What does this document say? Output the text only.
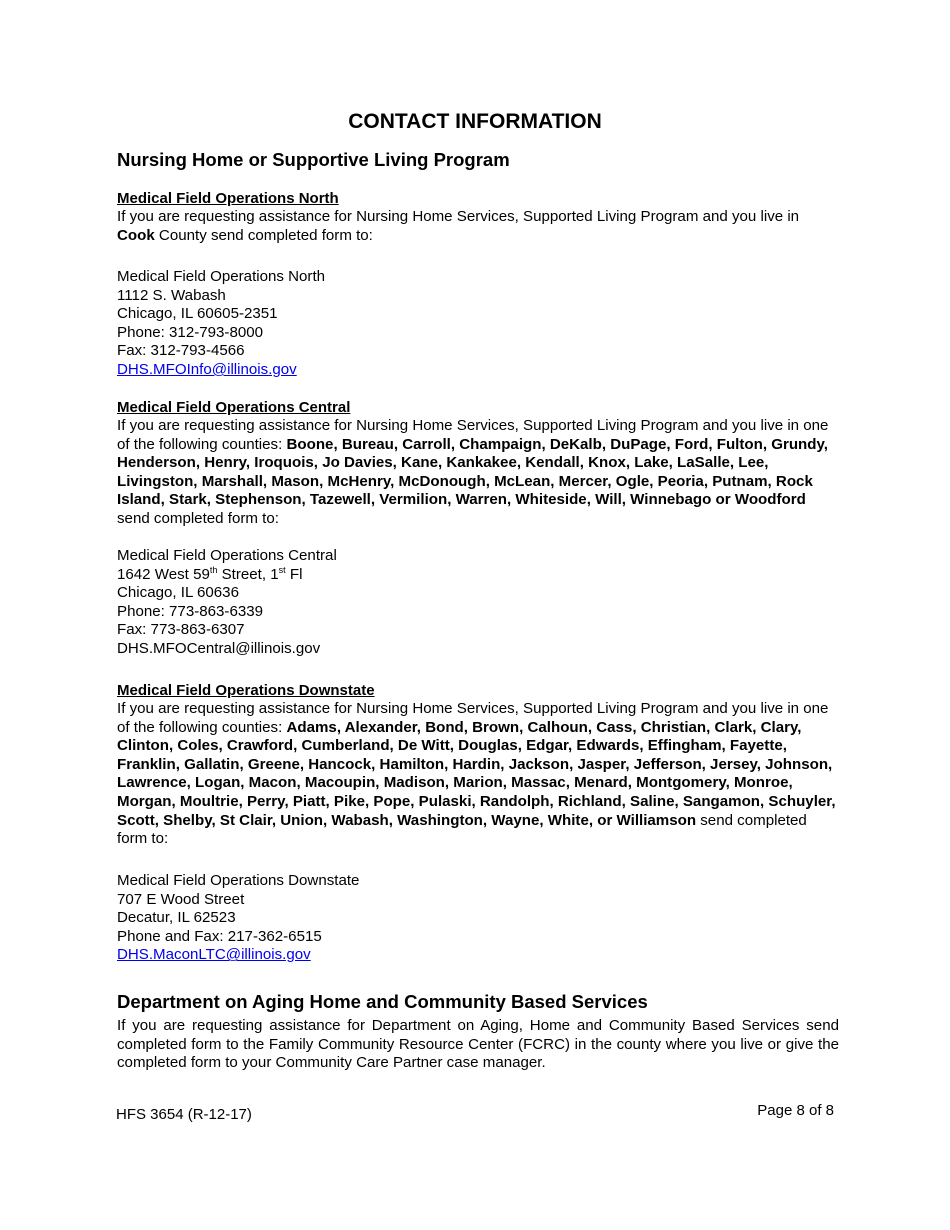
CONTACT INFORMATION
Nursing Home or Supportive Living Program
Medical Field Operations North
If you are requesting assistance for Nursing Home Services, Supported Living Program and you live in Cook County send completed form to:
Medical Field Operations North
1112 S. Wabash
Chicago, IL 60605-2351
Phone: 312-793-8000
Fax: 312-793-4566
DHS.MFOInfo@illinois.gov
Medical Field Operations Central
If you are requesting assistance for Nursing Home Services, Supported Living Program and you live in one of the following counties: Boone, Bureau, Carroll, Champaign, DeKalb, DuPage, Ford, Fulton, Grundy, Henderson, Henry, Iroquois, Jo Davies, Kane, Kankakee, Kendall, Knox, Lake, LaSalle, Lee, Livingston, Marshall, Mason, McHenry, McDonough, McLean, Mercer, Ogle, Peoria, Putnam, Rock Island, Stark, Stephenson, Tazewell, Vermilion, Warren, Whiteside, Will, Winnebago or Woodford send completed form to:
Medical Field Operations Central
1642 West 59th Street, 1st Fl
Chicago, IL 60636
Phone: 773-863-6339
Fax: 773-863-6307
DHS.MFOCentral@illinois.gov
Medical Field Operations Downstate
If you are requesting assistance for Nursing Home Services, Supported Living Program and you live in one of the following counties: Adams, Alexander, Bond, Brown, Calhoun, Cass, Christian, Clark, Clary, Clinton, Coles, Crawford, Cumberland, De Witt, Douglas, Edgar, Edwards, Effingham, Fayette, Franklin, Gallatin, Greene, Hancock, Hamilton, Hardin, Jackson, Jasper, Jefferson, Jersey, Johnson, Lawrence, Logan, Macon, Macoupin, Madison, Marion, Massac, Menard, Montgomery, Monroe, Morgan, Moultrie, Perry, Piatt, Pike, Pope, Pulaski, Randolph, Richland, Saline, Sangamon, Schuyler, Scott, Shelby, St Clair, Union, Wabash, Washington, Wayne, White, or Williamson send completed form to:
Medical Field Operations Downstate
707 E Wood Street
Decatur, IL 62523
Phone and Fax: 217-362-6515
DHS.MaconLTC@illinois.gov
Department on Aging Home and Community Based Services
If you are requesting assistance for Department on Aging, Home and Community Based Services send completed form to the Family Community Resource Center (FCRC) in the county where you live or give the completed form to your Community Care Partner case manager.
HFS 3654 (R-12-17)	Page 8 of 8
